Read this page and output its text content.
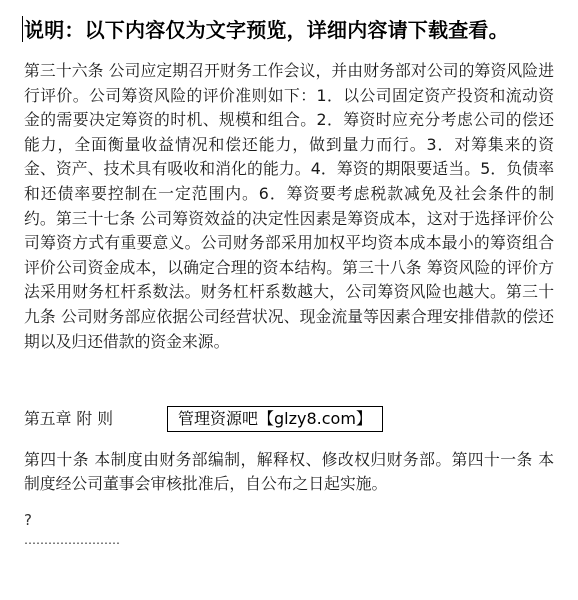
说明：以下内容仅为文字预览，详细内容请下载查看。

第三十六条 公司应定期召开财务工作会议，并由财务部对公司的筹资风险进行评价。公司筹资风险的评价准则如下：1．以公司固定资产投资和流动资金的需要决定筹资的时机、规模和组合。2．筹资时应充分考虑公司的偿还能力，全面衡量收益情况和偿还能力，做到量力而行。3．对筹集来的资金、资产、技术具有吸收和消化的能力。4．筹资的期限要适当。5．负债率和还债率要控制在一定范围内。6．筹资要考虑税款减免及社会条件的制约。第三十七条 公司筹资效益的决定性因素是筹资成本，这对于选择评价公司筹资方式有重要意义。公司财务部采用加权平均资本成本最小的筹资组合评价公司资金成本，以确定合理的资本结构。第三十八条 筹资风险的评价方法采用财务杠杆系数法。财务杠杆系数越大，公司筹资风险也越大。第三十九条 公司财务部应依据公司经营状况、现金流量等因素合理安排借款的偿还期以及归还借款的资金来源。

第五章 附 则	管理资源吧【glzy8.com】

第四十条 本制度由财务部编制，解释权、修改权归财务部。第四十一条 本制度经公司董事会审核批准后，自公布之日起实施。

?
……………………
